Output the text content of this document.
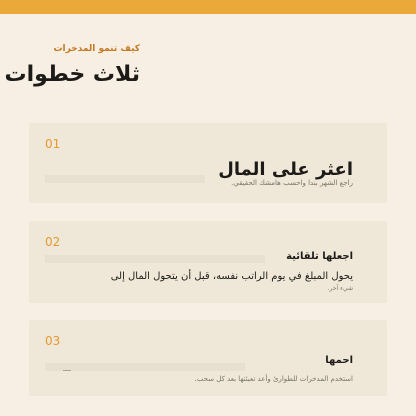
كيف تنمو المدخرات
ثلاث خطوات
01
اعثر على المال
راجع الشهر بندا واحسب هامشك الحقيقي.
02
اجعلها تلقائية
يحول المبلغ في يوم الراتب نفسه، قبل أن يتحول المال إلى
شيء آخر.
03
احمها
استخدم المدخرات للطوارئ وأعد تعبئتها بعد كل سحب.
